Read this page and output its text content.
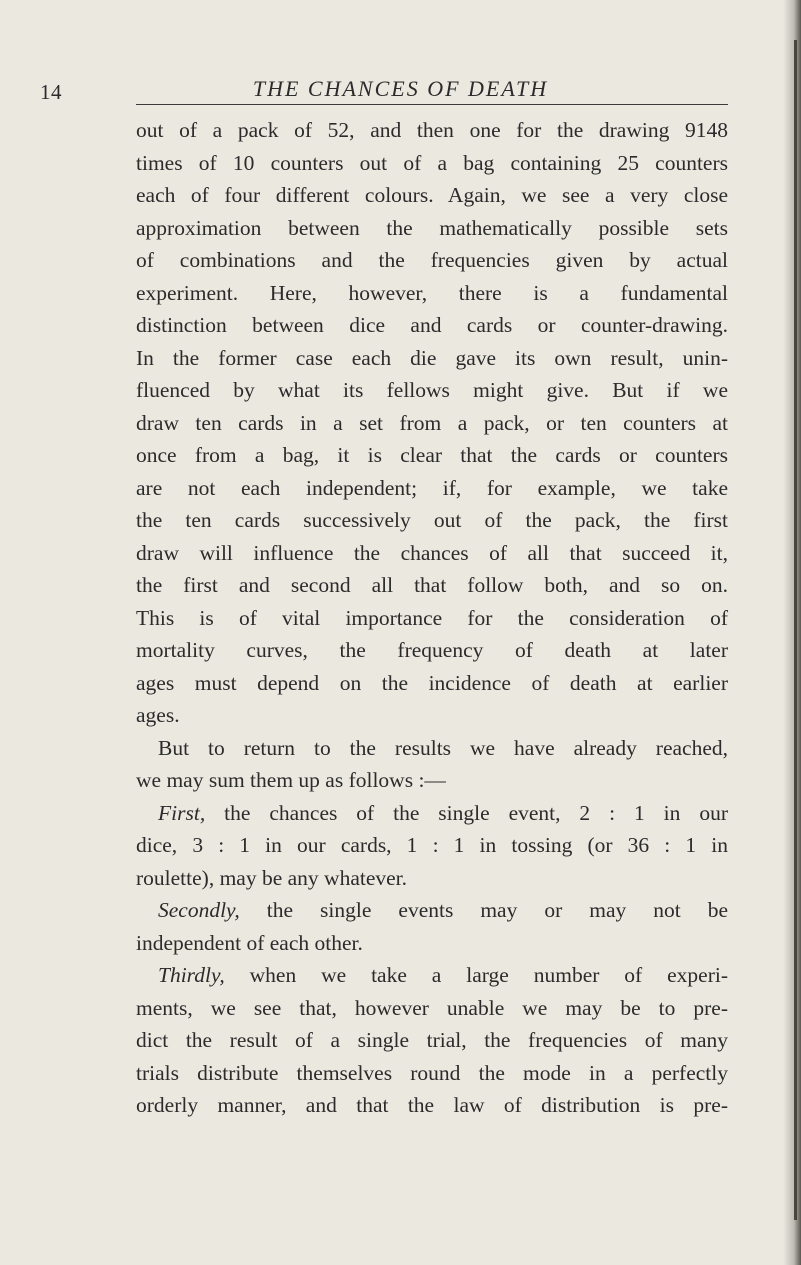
14	THE CHANCES OF DEATH
out of a pack of 52, and then one for the drawing 9148
times of 10 counters out of a bag containing 25 counters
each of four different colours. Again, we see a very close
approximation between the mathematically possible sets
of combinations and the frequencies given by actual
experiment. Here, however, there is a fundamental
distinction between dice and cards or counter-drawing.
In the former case each die gave its own result, unin-
fluenced by what its fellows might give. But if we
draw ten cards in a set from a pack, or ten counters at
once from a bag, it is clear that the cards or counters
are not each independent; if, for example, we take
the ten cards successively out of the pack, the first
draw will influence the chances of all that succeed it,
the first and second all that follow both, and so on.
This is of vital importance for the consideration of
mortality curves, the frequency of death at later
ages must depend on the incidence of death at earlier
ages.
But to return to the results we have already reached,
we may sum them up as follows :—
First, the chances of the single event, 2 : 1 in our
dice, 3 : 1 in our cards, 1 : 1 in tossing (or 36 : 1 in
roulette), may be any whatever.
Secondly, the single events may or may not be
independent of each other.
Thirdly, when we take a large number of experi-
ments, we see that, however unable we may be to pre-
dict the result of a single trial, the frequencies of many
trials distribute themselves round the mode in a perfectly
orderly manner, and that the law of distribution is pre-
